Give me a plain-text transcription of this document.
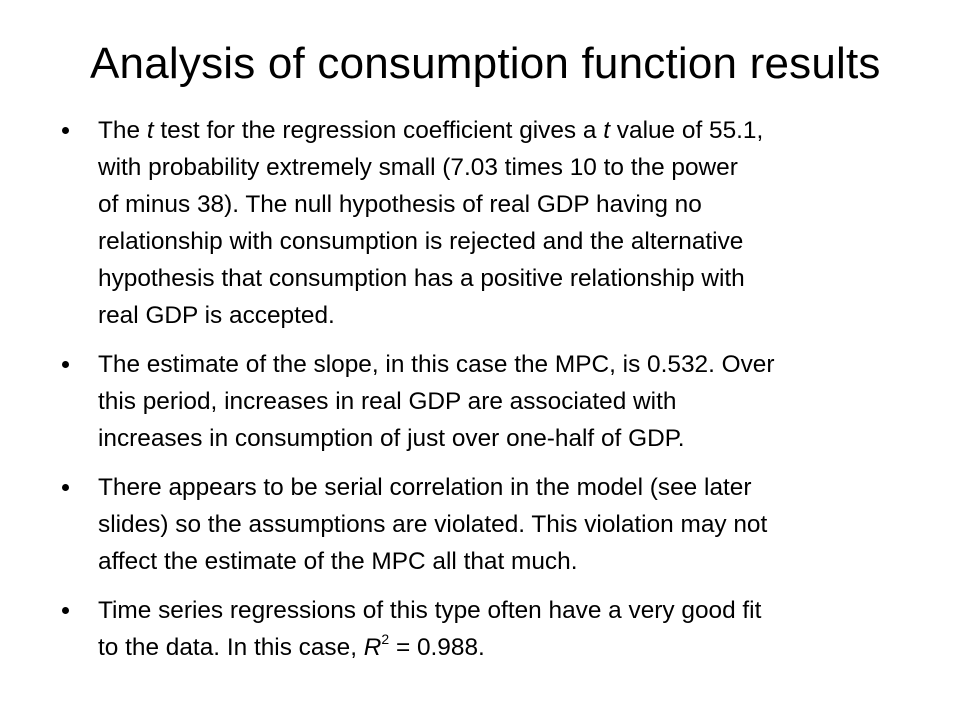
Analysis of consumption function results
The t test for the regression coefficient gives a t value of 55.1,
with probability extremely small (7.03 times 10 to the power
of minus 38). The null hypothesis of real GDP having no
relationship with consumption is rejected and the alternative
hypothesis that consumption has a positive relationship with
real GDP is accepted.
The estimate of the slope, in this case the MPC, is 0.532. Over
this period, increases in real GDP are associated with
increases in consumption of just over one-half of GDP.
There appears to be serial correlation in the model (see later
slides) so the assumptions are violated. This violation may not
affect the estimate of the MPC all that much.
Time series regressions of this type often have a very good fit
to the data. In this case, $R^2 = 0.988$.
